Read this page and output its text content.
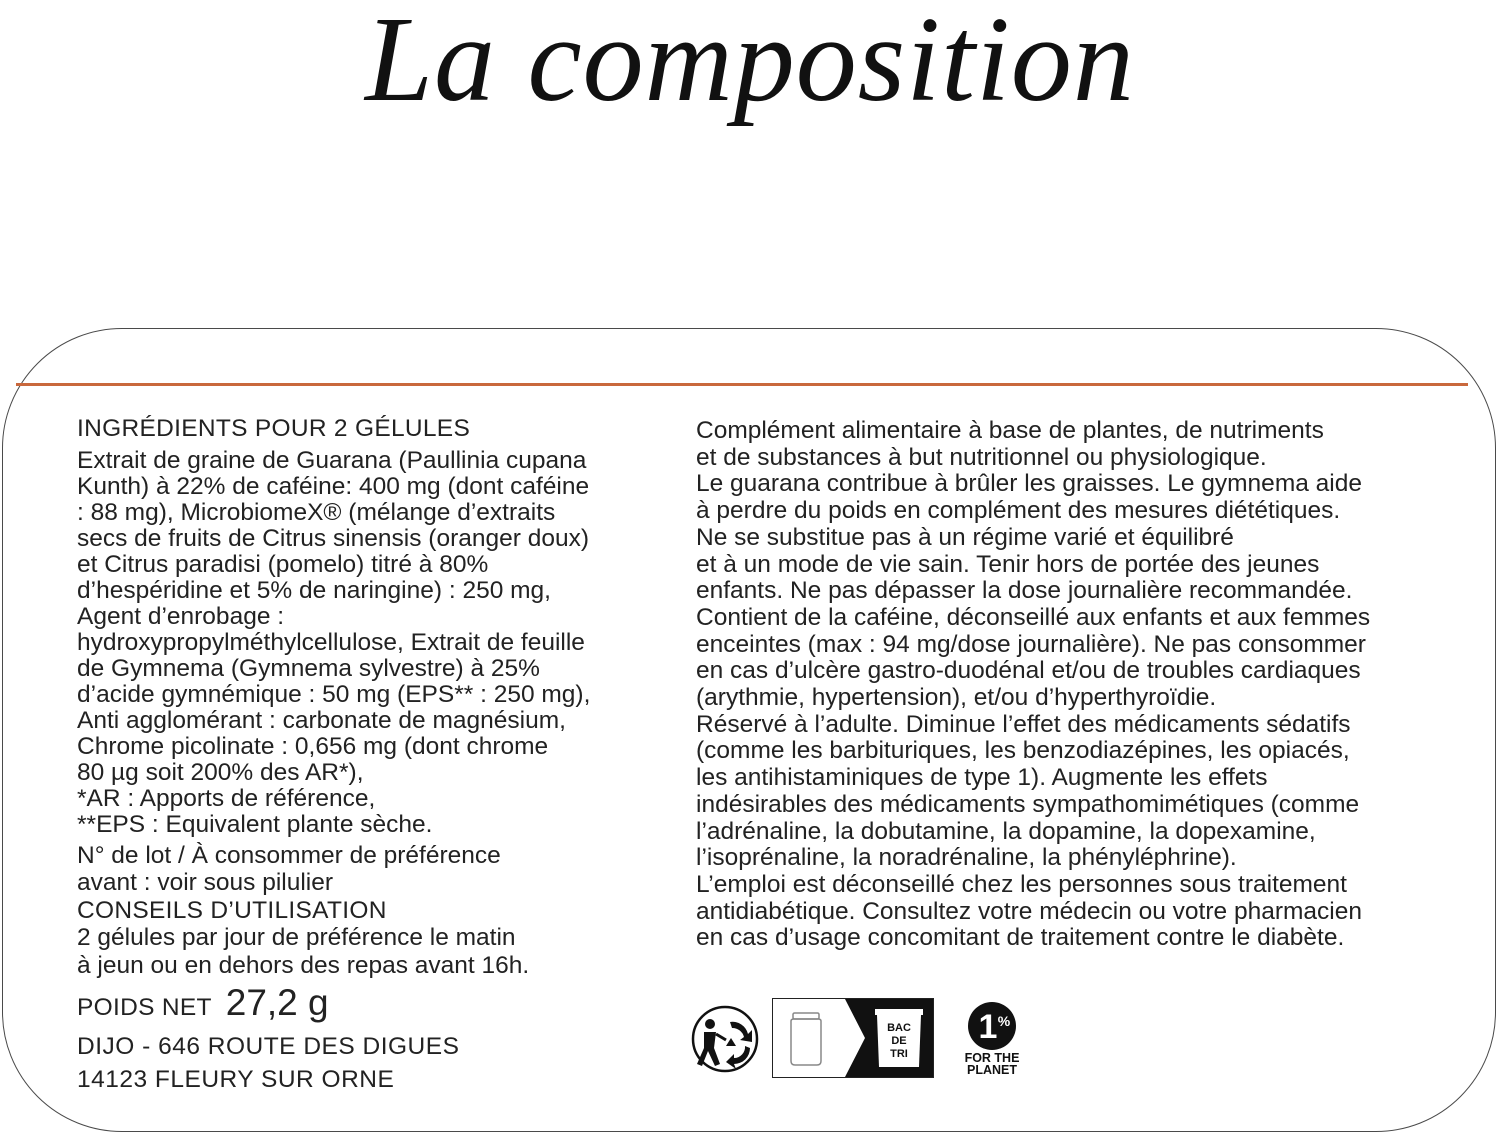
La composition
INGRÉDIENTS POUR 2 GÉLULES
Extrait de graine de Guarana (Paullinia cupana
Kunth) à 22% de caféine: 400 mg (dont caféine
: 88 mg), MicrobiomeX® (mélange d’extraits
secs de fruits de Citrus sinensis (oranger doux)
et Citrus paradisi (pomelo) titré à 80%
d’hespéridine et 5% de naringine) : 250 mg,
Agent d’enrobage :
hydroxypropylméthylcellulose, Extrait de feuille
de Gymnema (Gymnema sylvestre) à 25%
d’acide gymnémique : 50 mg (EPS** : 250 mg),
Anti agglomérant : carbonate de magnésium,
Chrome picolinate : 0,656 mg (dont chrome
80 µg soit 200% des AR*),
*AR : Apports de référence,
**EPS : Equivalent plante sèche.
N° de lot / À consommer de préférence
avant : voir sous pilulier
CONSEILS D’UTILISATION
2 gélules par jour de préférence le matin
à jeun ou en dehors des repas avant 16h.
POIDS NET 27,2 g
DIJO - 646 ROUTE DES DIGUES
14123 FLEURY SUR ORNE
Complément alimentaire à base de plantes, de nutriments
et de substances à but nutritionnel ou physiologique.
Le guarana contribue à brûler les graisses. Le gymnema aide
à perdre du poids en complément des mesures diététiques.
Ne se substitue pas à un régime varié et équilibré
et à un mode de vie sain. Tenir hors de portée des jeunes
enfants. Ne pas dépasser la dose journalière recommandée.
Contient de la caféine, déconseillé aux enfants et aux femmes
enceintes (max : 94 mg/dose journalière). Ne pas consommer
en cas d’ulcère gastro-duodénal et/ou de troubles cardiaques
(arythmie, hypertension), et/ou d’hyperthyroïdie.
Réservé à l’adulte. Diminue l’effet des médicaments sédatifs
(comme les barbituriques, les benzodiazépines, les opiacés,
les antihistaminiques de type 1). Augmente les effets
indésirables des médicaments sympathomimétiques (comme
l’adrénaline, la dobutamine, la dopamine, la dopexamine,
l’isoprénaline, la noradrénaline, la phényléphrine).
L’emploi est déconseillé chez les personnes sous traitement
antidiabétique. Consultez votre médecin ou votre pharmacien
en cas d’usage concomitant de traitement contre le diabète.
BAC
DE
TRI
1 %
FOR THE
PLANET
